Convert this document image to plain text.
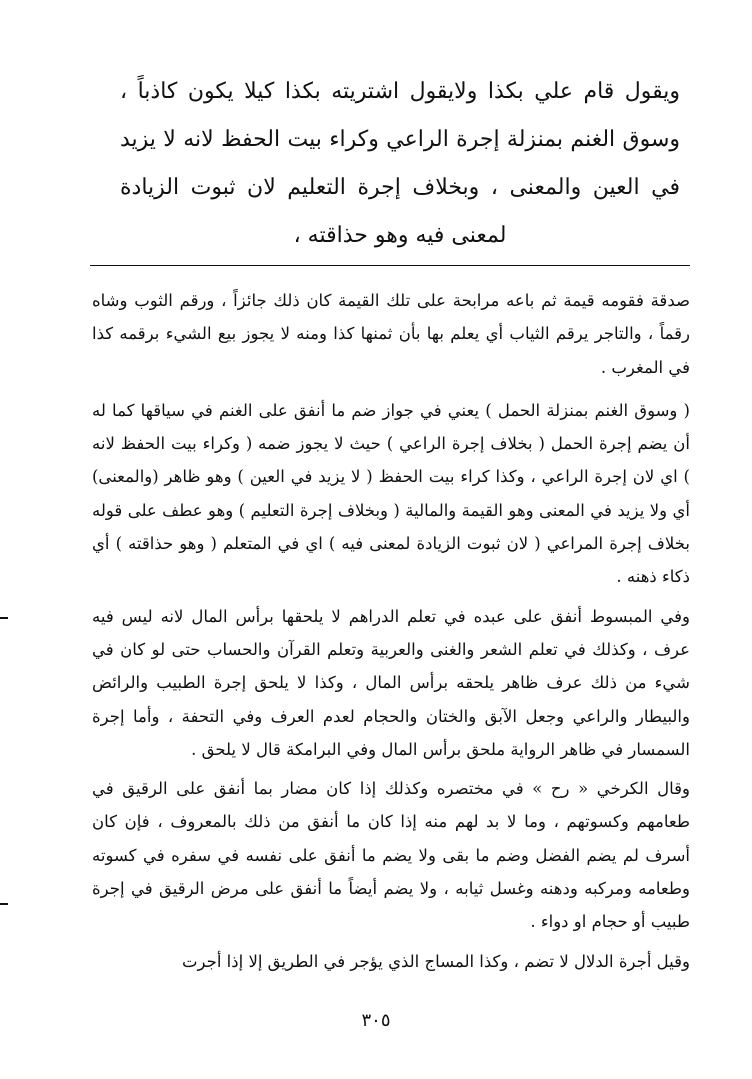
ويقول قام علي بكذا ولايقول اشتريته بكذا كيلا يكون كاذباً ، وسوق الغنم بمنزلة إجرة الراعي وكراء بيت الحفظ لانه لا يزيد في العين والمعنى ، وبخلاف إجرة التعليم لان ثبوت الزيادة لمعنى فيه وهو حذاقته ،

صدقة فقومه قيمة ثم باعه مرابحة على تلك القيمة كان ذلك جائزاً ، ورقم الثوب وشاه رقماً ، والتاجر يرقم الثياب أي يعلم بها بأن ثمنها كذا ومنه لا يجوز بيع الشيء برقمه كذا في المغرب .

( وسوق الغنم بمنزلة الحمل ) يعني في جواز ضم ما أنفق على الغنم في سياقها كما له أن يضم إجرة الحمل ( بخلاف إجرة الراعي ) حيث لا يجوز ضمه ( وكراء بيت الحفظ لانه ) اي لان إجرة الراعي ، وكذا كراء بيت الحفظ ( لا يزيد في العين ) وهو ظاهر (والمعنى) أي ولا يزيد في المعنى وهو القيمة والمالية ( وبخلاف إجرة التعليم ) وهو عطف على قوله بخلاف إجرة المراعي ( لان ثبوت الزيادة لمعنى فيه ) اي في المتعلم ( وهو حذاقته ) أي ذكاء ذهنه .

وفي المبسوط أنفق على عبده في تعلم الدراهم لا يلحقها برأس المال لانه ليس فيه عرف ، وكذلك في تعلم الشعر والغنى والعربية وتعلم القرآن والحساب حتى لو كان في شيء من ذلك عرف ظاهر يلحقه برأس المال ، وكذا لا يلحق إجرة الطبيب والرائض والبيطار والراعي وجعل الآبق والختان والحجام لعدم العرف وفي التحفة ، وأما إجرة السمسار في ظاهر الرواية ملحق برأس المال وفي البرامكة قال لا يلحق .

وقال الكرخي « رح » في مختصره وكذلك إذا كان مضار بما أنفق على الرقيق في طعامهم وكسوتهم ، وما لا بد لهم منه إذا كان ما أنفق من ذلك بالمعروف ، فإن كان أسرف لم يضم الفضل وضم ما بقى ولا يضم ما أنفق على نفسه في سفره في كسوته وطعامه ومركبه ودهنه وغسل ثيابه ، ولا يضم أيضاً ما أنفق على مرض الرقيق في إجرة طبيب أو حجام او دواء .

وقيل أجرة الدلال لا تضم ، وكذا المساج الذي يؤجر في الطريق إلا إذا أجرت

٣٠٥
